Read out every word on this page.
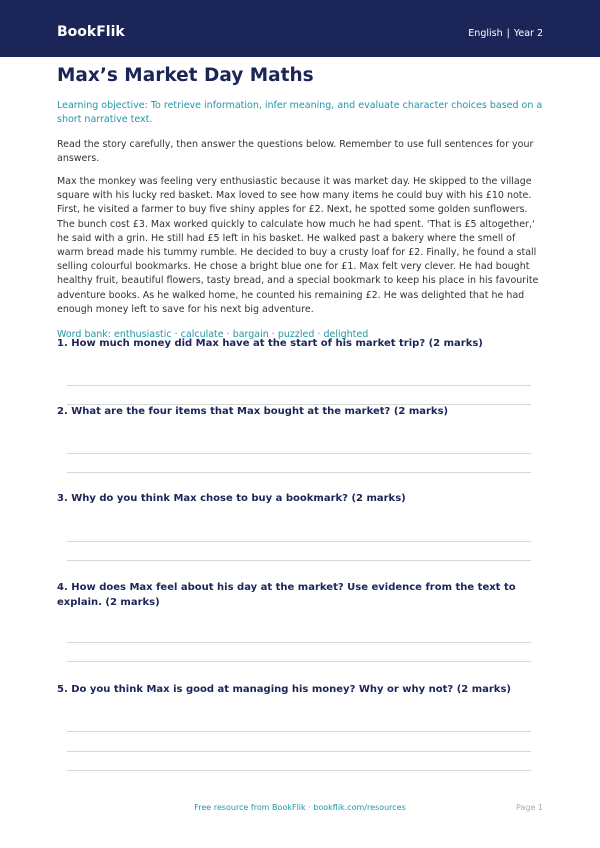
BookFlik	English | Year 2
Max’s Market Day Maths
Learning objective: To retrieve information, infer meaning, and evaluate character choices based on a short narrative text.
Read the story carefully, then answer the questions below. Remember to use full sentences for your answers.
Max the monkey was feeling very enthusiastic because it was market day. He skipped to the village square with his lucky red basket. Max loved to see how many items he could buy with his £10 note. First, he visited a farmer to buy five shiny apples for £2. Next, he spotted some golden sunflowers. The bunch cost £3. Max worked quickly to calculate how much he had spent. 'That is £5 altogether,' he said with a grin. He still had £5 left in his basket. He walked past a bakery where the smell of warm bread made his tummy rumble. He decided to buy a crusty loaf for £2. Finally, he found a stall selling colourful bookmarks. He chose a bright blue one for £1. Max felt very clever. He had bought healthy fruit, beautiful flowers, tasty bread, and a special bookmark to keep his place in his favourite adventure books. As he walked home, he counted his remaining £2. He was delighted that he had enough money left to save for his next big adventure.
Word bank: enthusiastic · calculate · bargain · puzzled · delighted
1. How much money did Max have at the start of his market trip? (2 marks)
2. What are the four items that Max bought at the market? (2 marks)
3. Why do you think Max chose to buy a bookmark? (2 marks)
4. How does Max feel about his day at the market? Use evidence from the text to explain. (2 marks)
5. Do you think Max is good at managing his money? Why or why not? (2 marks)
Free resource from BookFlik · bookflik.com/resources	Page 1
